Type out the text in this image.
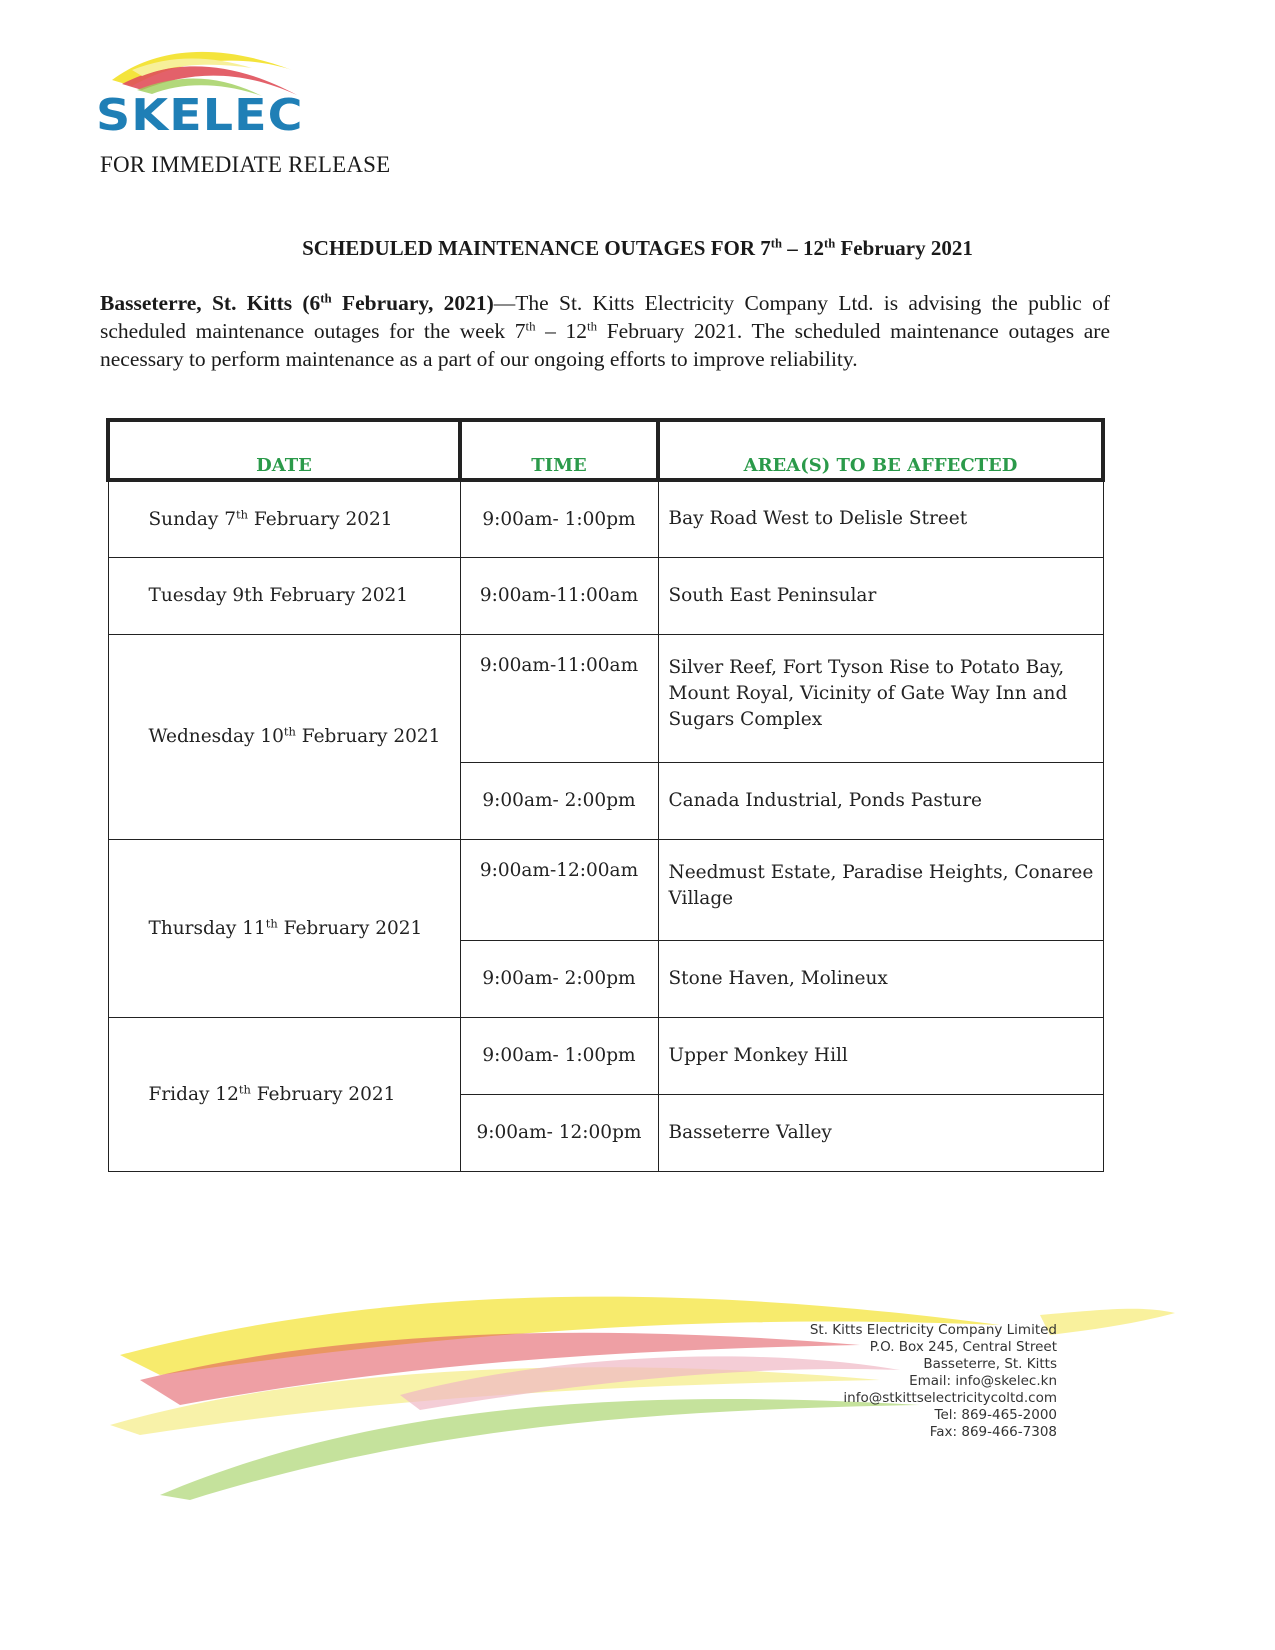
SKELEC
FOR IMMEDIATE RELEASE
SCHEDULED MAINTENANCE OUTAGES FOR 7th – 12th February 2021
Basseterre, St. Kitts (6th February, 2021)—The St. Kitts Electricity Company Ltd. is advising the public of scheduled maintenance outages for the week 7th – 12th February 2021. The scheduled maintenance outages are necessary to perform maintenance as a part of our ongoing efforts to improve reliability.
DATE	TIME	AREA(S) TO BE AFFECTED
Sunday 7th February 2021	9:00am- 1:00pm	Bay Road West to Delisle Street
Tuesday 9th February 2021	9:00am-11:00am	South East Peninsular
Wednesday 10th February 2021	9:00am-11:00am	Silver Reef, Fort Tyson Rise to Potato Bay, Mount Royal, Vicinity of Gate Way Inn and Sugars Complex
	9:00am- 2:00pm	Canada Industrial, Ponds Pasture
Thursday 11th February 2021	9:00am-12:00am	Needmust Estate, Paradise Heights, Conaree Village
	9:00am- 2:00pm	Stone Haven, Molineux
Friday 12th February 2021	9:00am- 1:00pm	Upper Monkey Hill
	9:00am- 12:00pm	Basseterre Valley
St. Kitts Electricity Company Limited
P.O. Box 245, Central Street
Basseterre, St. Kitts
Email: info@skelec.kn
info@stkittselectricitycoltd.com
Tel: 869-465-2000
Fax: 869-466-7308
